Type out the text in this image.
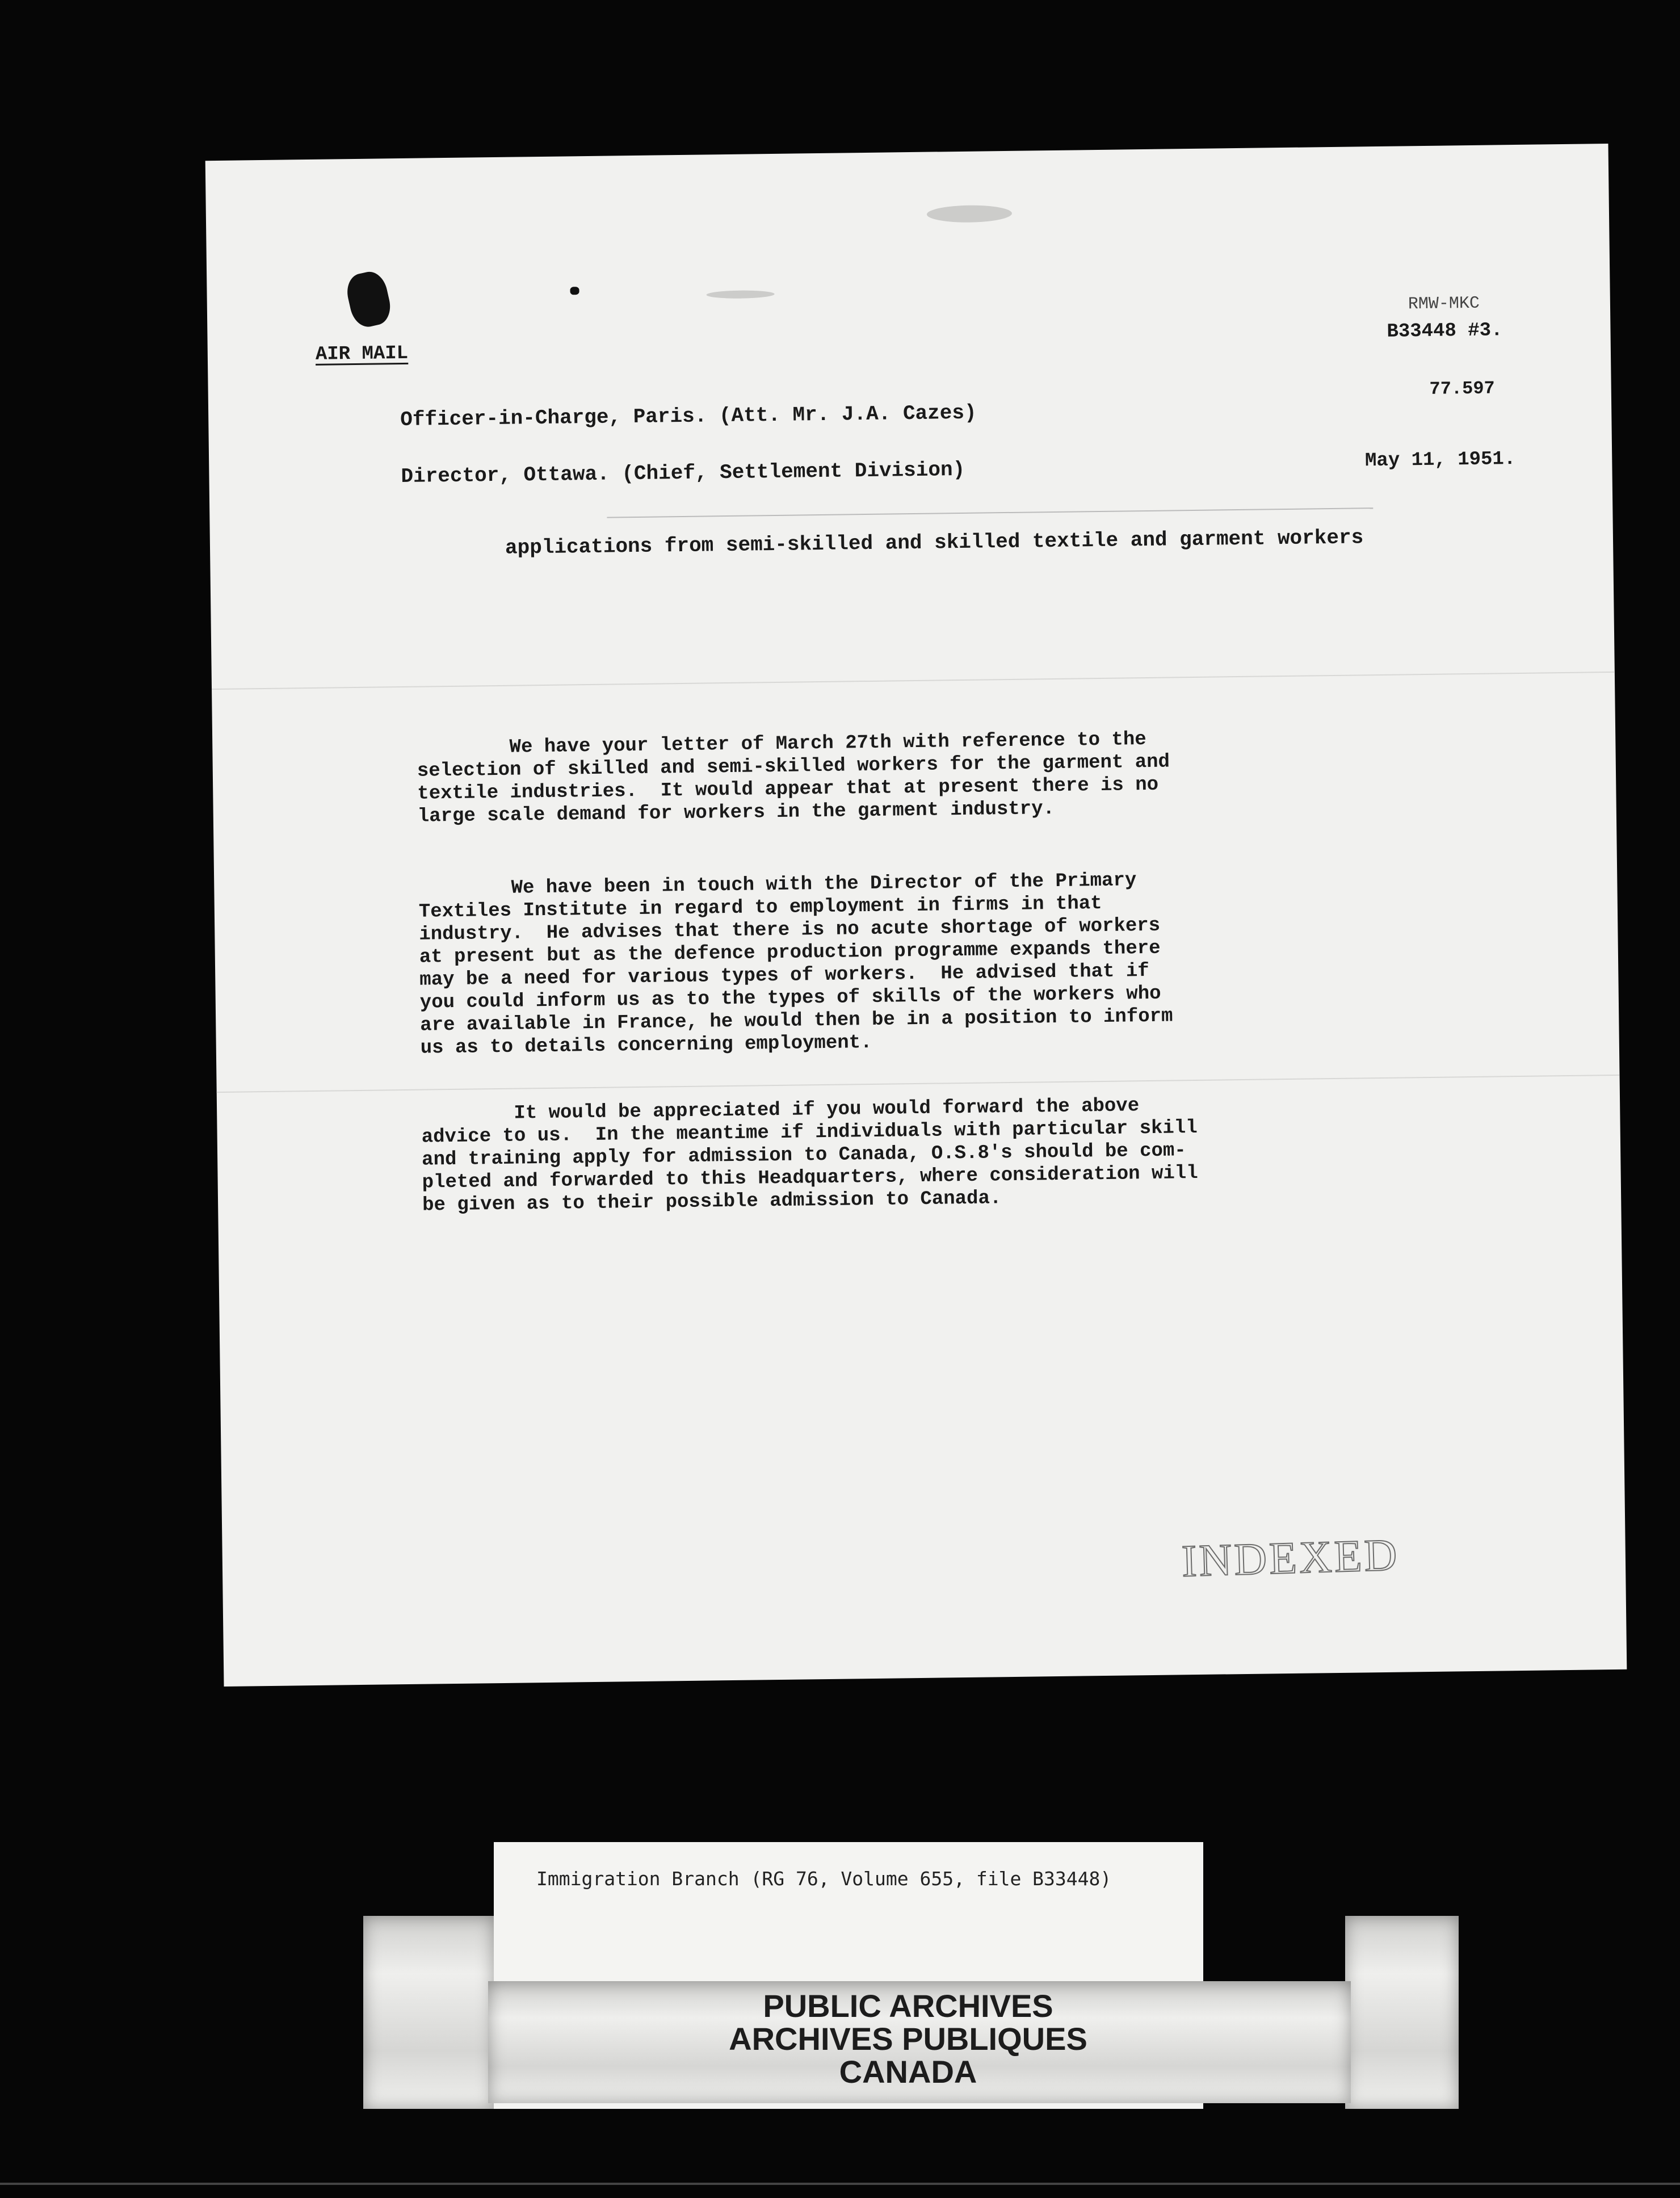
AIR MAIL
RMW-MKC
B33448 #3.
77.597
Officer-in-Charge, Paris. (Att. Mr. J.A. Cazes)
Director, Ottawa. (Chief, Settlement Division)	May 11, 1951.
applications from semi-skilled and skilled textile and garment workers
We have your letter of March 27th with reference to the
selection of skilled and semi-skilled workers for the garment and
textile industries.  It would appear that at present there is no
large scale demand for workers in the garment industry.
We have been in touch with the Director of the Primary
Textiles Institute in regard to employment in firms in that
industry.  He advises that there is no acute shortage of workers
at present but as the defence production programme expands there
may be a need for various types of workers.  He advised that if
you could inform us as to the types of skills of the workers who
are available in France, he would then be in a position to inform
us as to details concerning employment.
It would be appreciated if you would forward the above
advice to us.  In the meantime if individuals with particular skill
and training apply for admission to Canada, O.S.8's should be com-
pleted and forwarded to this Headquarters, where consideration will
be given as to their possible admission to Canada.
INDEXED
Immigration Branch (RG 76, Volume 655, file B33448)
PUBLIC ARCHIVES
ARCHIVES PUBLIQUES
CANADA
